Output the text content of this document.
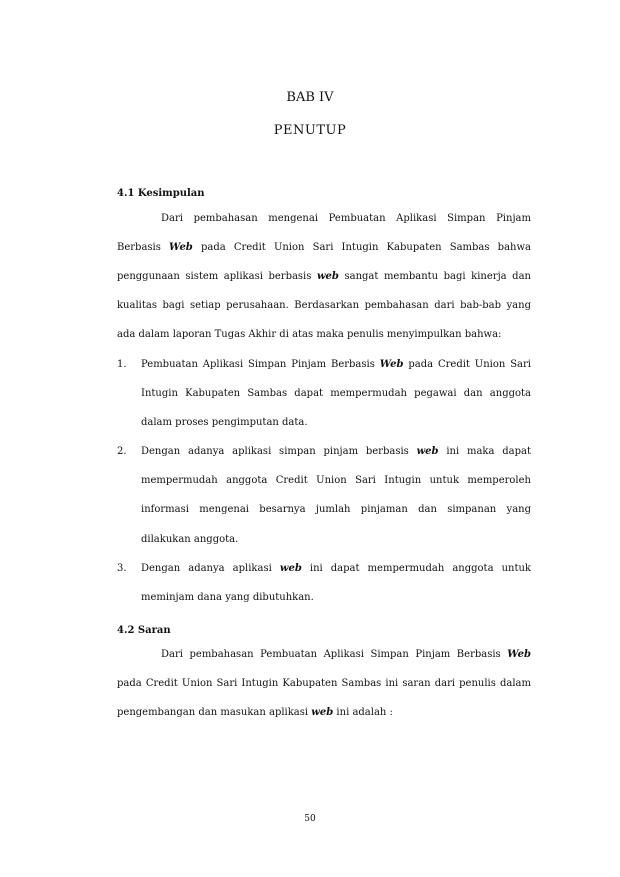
BAB IV
PENUTUP
4.1 Kesimpulan

Dari pembahasan mengenai Pembuatan Aplikasi Simpan Pinjam Berbasis Web pada Credit Union Sari Intugin Kabupaten Sambas bahwa penggunaan sistem aplikasi berbasis web sangat membantu bagi kinerja dan kualitas bagi setiap perusahaan. Berdasarkan pembahasan dari bab-bab yang ada dalam laporan Tugas Akhir di atas maka penulis menyimpulkan bahwa:

1. Pembuatan Aplikasi Simpan Pinjam Berbasis Web pada Credit Union Sari Intugin Kabupaten Sambas dapat mempermudah pegawai dan anggota dalam proses pengimputan data.
2. Dengan adanya aplikasi simpan pinjam berbasis web ini maka dapat mempermudah anggota Credit Union Sari Intugin untuk memperoleh informasi mengenai besarnya jumlah pinjaman dan simpanan yang dilakukan anggota.
3. Dengan adanya aplikasi web ini dapat mempermudah anggota untuk meminjam dana yang dibutuhkan.
4.2 Saran

Dari pembahasan Pembuatan Aplikasi Simpan Pinjam Berbasis Web pada Credit Union Sari Intugin Kabupaten Sambas ini saran dari penulis dalam pengembangan dan masukan aplikasi web ini adalah :

50
